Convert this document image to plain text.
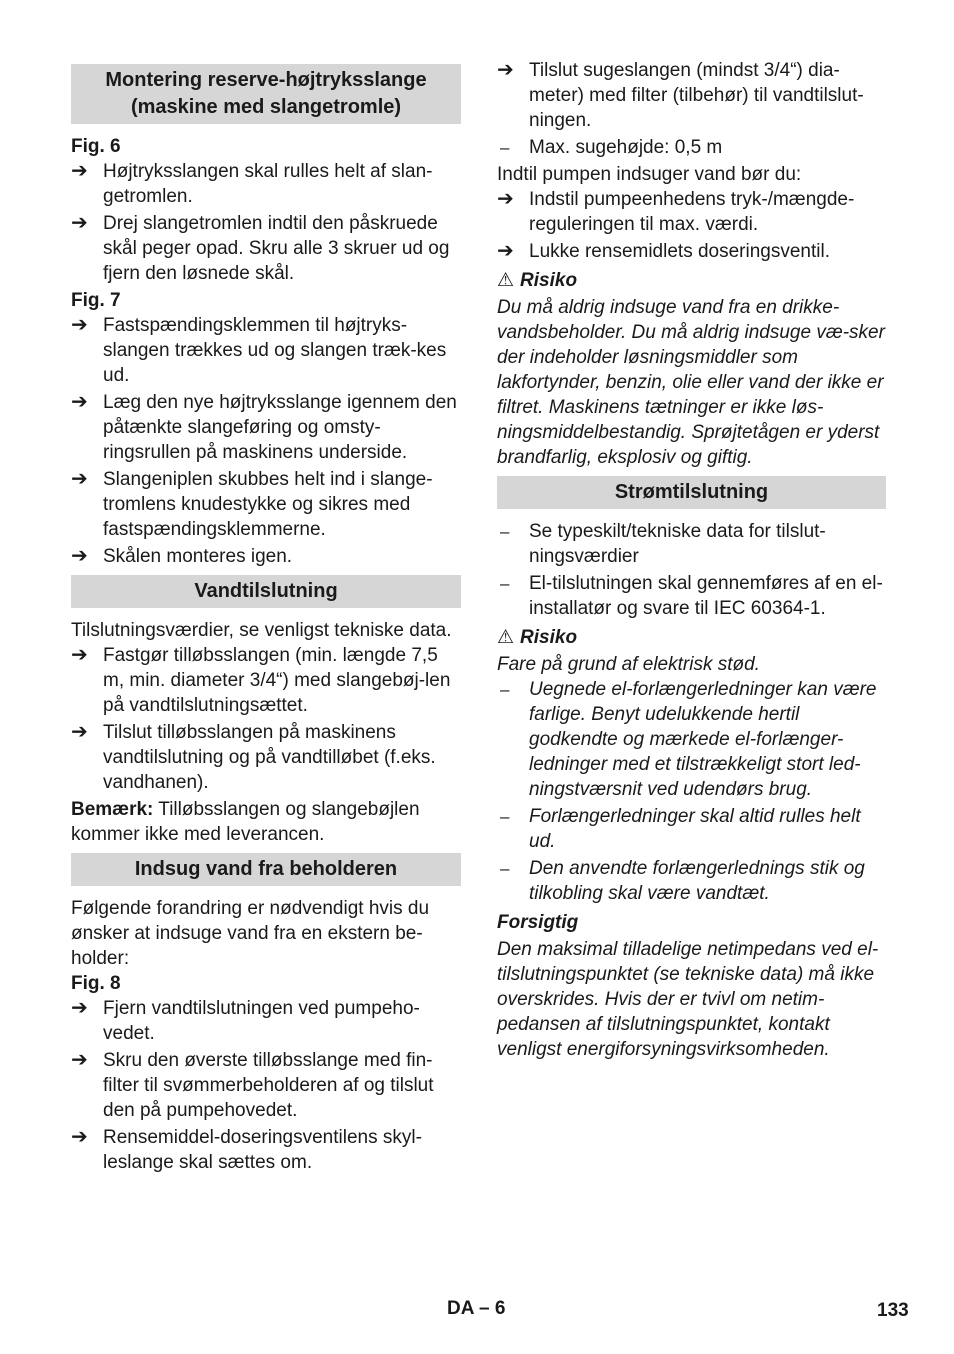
Montering reserve-højtryksslange (maskine med slangetromle)
Fig. 6
➔ Højtryksslangen skal rulles helt af slan-getromlen.
➔ Drej slangetromlen indtil den påskruede skål peger opad. Skru alle 3 skruer ud og fjern den løsnede skål.
Fig. 7
➔ Fastspændingsklemmen til højtryks-slangen trækkes ud og slangen træk-kes ud.
➔ Læg den nye højtryksslange igennem den påtænkte slangeføring og omsty-ringsrullen på maskinens underside.
➔ Slangeniplen skubbes helt ind i slange-tromlens knudestykke og sikres med fastspændingsklemmerne.
➔ Skålen monteres igen.
Vandtilslutning
Tilslutningsværdier, se venligst tekniske data.
➔ Fastgør tilløbsslangen (min. længde 7,5 m, min. diameter 3/4“) med slangebøj-len på vandtilslutningsættet.
➔ Tilslut tilløbsslangen på maskinens vandtilslutning og på vandtilløbet (f.eks. vandhanen).
Bemærk: Tilløbsslangen og slangebøjlen kommer ikke med leverancen.
Indsug vand fra beholderen
Følgende forandring er nødvendigt hvis du ønsker at indsuge vand fra en ekstern be-holder:
Fig. 8
➔ Fjern vandtilslutningen ved pumpeho-vedet.
➔ Skru den øverste tilløbsslange med fin-filter til svømmerbeholderen af og tilslut den på pumpehovedet.
➔ Rensemiddel-doseringsventilens skyl-leslange skal sættes om.
➔ Tilslut sugeslangen (mindst 3/4“) dia-meter) med filter (tilbehør) til vandtilslut-ningen.
–	Max. sugehøjde: 0,5 m
Indtil pumpen indsuger vand bør du:
➔ Indstil pumpeenhedens tryk-/mængde-reguleringen til max. værdi.
➔ Lukke rensemidlets doseringsventil.
⚠ Risiko
Du må aldrig indsuge vand fra en drikke-vandsbeholder. Du må aldrig indsuge væ-sker der indeholder løsningsmiddler som lakfortynder, benzin, olie eller vand der ikke er filtret. Maskinens tætninger er ikke løs-ningsmiddelbestandig. Sprøjtetågen er yderst brandfarlig, eksplosiv og giftig.
Strømtilslutning
–	Se typeskilt/tekniske data for tilslut-ningsværdier
–	El-tilslutningen skal gennemføres af en el-installatør og svare til IEC 60364-1.
⚠ Risiko
Fare på grund af elektrisk stød.
–	Uegnede el-forlængerledninger kan være farlige. Benyt udelukkende hertil godkendte og mærkede el-forlænger-ledninger med et tilstrækkeligt stort led-ningstværsnit ved udendørs brug.
–	Forlængerledninger skal altid rulles helt ud.
–	Den anvendte forlængerlednings stik og tilkobling skal være vandtæt.
Forsigtig
Den maksimal tilladelige netimpedans ved el-tilslutningspunktet (se tekniske data) må ikke overskrides. Hvis der er tvivl om netim-pedansen af tilslutningspunktet, kontakt venligst energiforsyningsvirksomheden.
DA – 6	133
